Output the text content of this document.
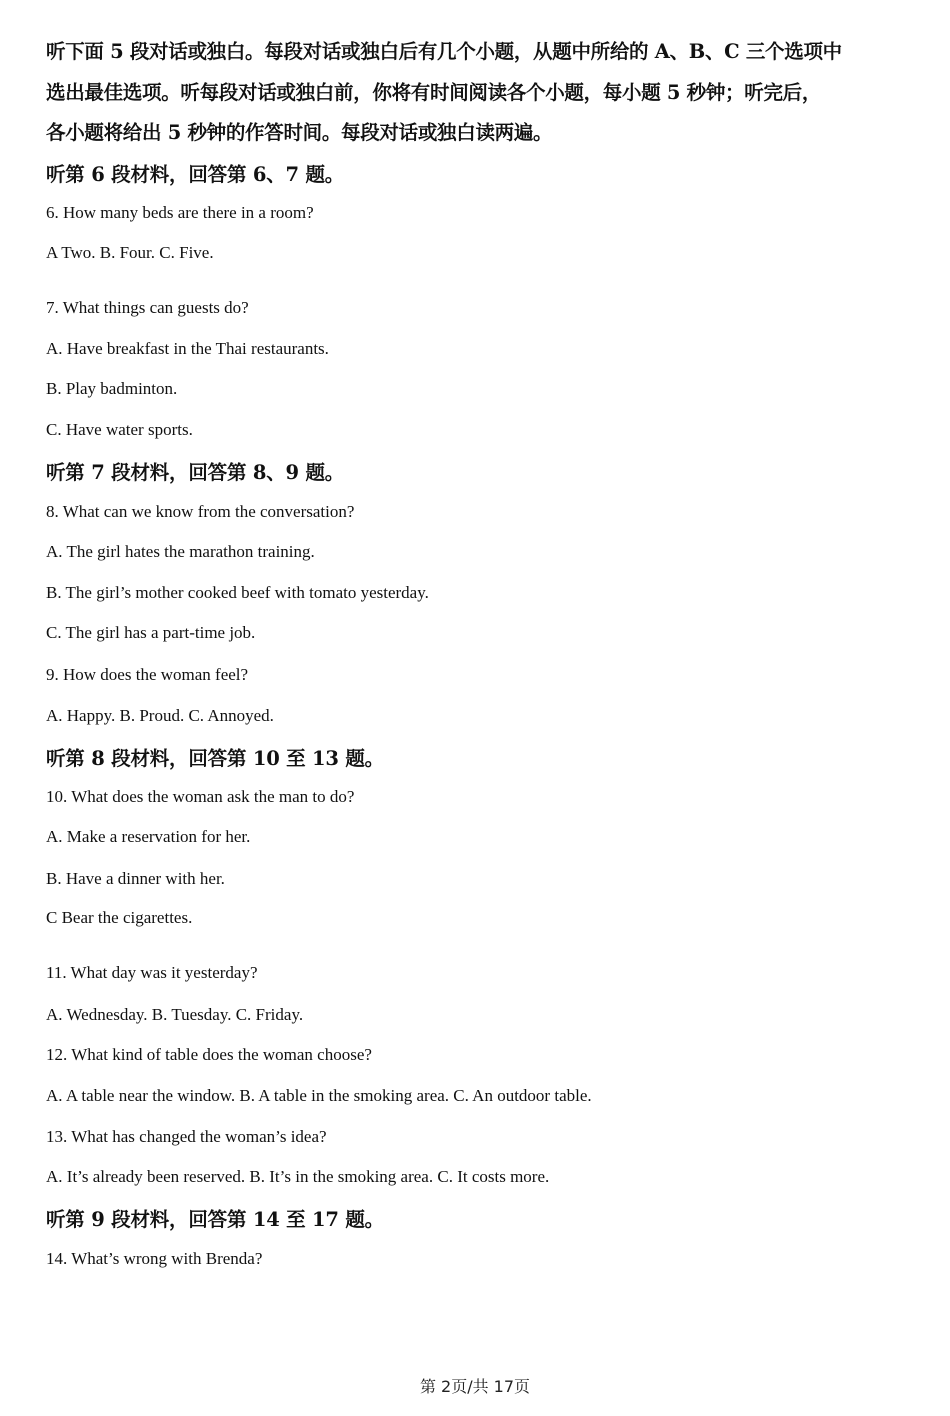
听下面 5 段对话或独白。每段对话或独白后有几个小题，从题中所给的 A、B、C 三个选项中
选出最佳选项。听每段对话或独白前，你将有时间阅读各个小题，每小题 5 秒钟；听完后，
各小题将给出 5 秒钟的作答时间。每段对话或独白读两遍。
听第 6 段材料，回答第 6、7 题。
6. How many beds are there in a room?
A Two. B. Four. C. Five.
7. What things can guests do?
A. Have breakfast in the Thai restaurants.
B. Play badminton.
C. Have water sports.
听第 7 段材料，回答第 8、9 题。
8. What can we know from the conversation?
A. The girl hates the marathon training.
B. The girl’s mother cooked beef with tomato yesterday.
C. The girl has a part-time job.
9. How does the woman feel?
A. Happy. B. Proud. C. Annoyed.
听第 8 段材料，回答第 10 至 13 题。
10. What does the woman ask the man to do?
A. Make a reservation for her.
B. Have a dinner with her.
C Bear the cigarettes.
11. What day was it yesterday?
A. Wednesday. B. Tuesday. C. Friday.
12. What kind of table does the woman choose?
A. A table near the window. B. A table in the smoking area. C. An outdoor table.
13. What has changed the woman’s idea?
A. It’s already been reserved. B. It’s in the smoking area. C. It costs more.
听第 9 段材料，回答第 14 至 17 题。
14. What’s wrong with Brenda?
第 2页/共 17页
